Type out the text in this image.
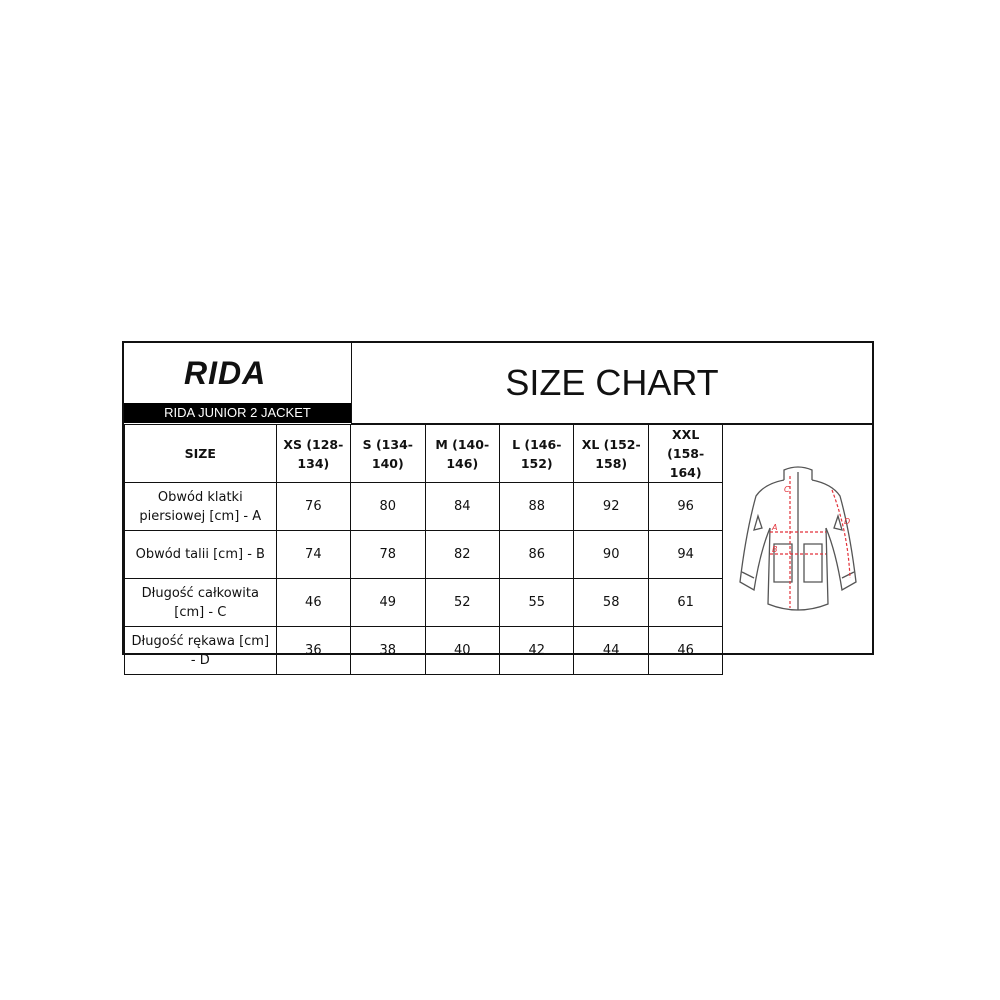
RIDA
RIDA JUNIOR 2 JACKET
SIZE CHART
SIZE	XS (128-134)	S (134-140)	M (140-146)	L (146-152)	XL (152-158)	XXL (158-164)	A
B
C
D

Obwód klatki piersiowej [cm] - A	76	80	84	88	92	96	
Obwód talii [cm] - B	74	78	82	86	90	94	
Długość całkowita [cm] - C	46	49	52	55	58	61	
Długość rękawa [cm] - D	36	38	40	42	44	46	
